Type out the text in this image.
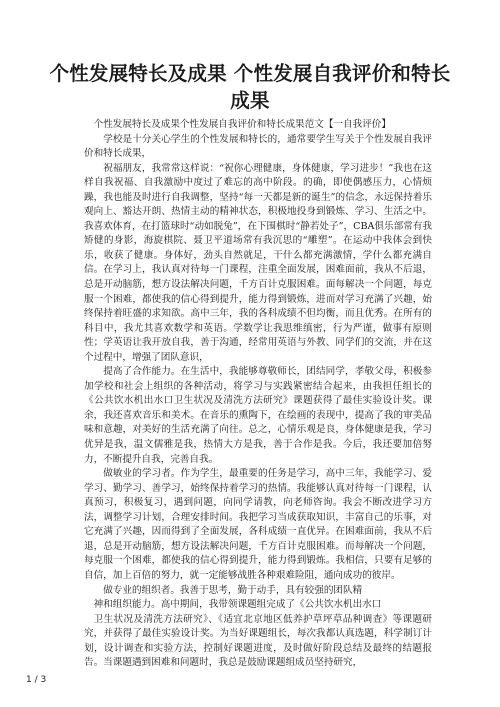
个性发展特长及成果 个性发展自我评价和特长成果

个性发展特长及成果个性发展自我评价和特长成果范文【一自我评价】

学校是十分关心学生的个性发展和特长的，通常要学生写关于个性发展自我评价和特长成果，

祝福朋友，我常常这样说：“祝你心理健康，身体健康，学习进步！”我也在这样自我祝福、自我激励中度过了难忘的高中阶段。的确，即使偶感压力，心情烦躁，我也能及时进行自我调整，坚持“每一天都是新的诞生”的信念，永远保持着乐观向上、豁达开朗、热情主动的精神状态，积极地投身到锻炼、学习、生活之中。我喜欢体育，在打篮球时“动如脱兔”，在下围棋时“静若处子”，CBA俱乐部常有我矫健的身影，海旋棋院、聂卫平道场常有我沉思的“雕塑”。在运动中我体会到快乐，收获了健康。身体好，劲头自然就足，干什么都充满激情，学什么都充满自信。在学习上，我认真对待每一门课程，注重全面发展，困难面前，我从不后退，总是开动脑筋，想方设法解决问题，千方百计克服困难。面每解决一个问题，每克服一个困难，都使我的信心得到提升，能力得到锻炼，进而对学习充满了兴趣，始终保持着旺盛的求知欲。高中三年，我的各科成绩不但均衡，而且优秀。在所有的科目中，我尤其喜欢数学和英语。学数学让我思维缜密，行为严谨，做事有原则性；学英语让我开放自我，善于沟通，经常用英语与外教、同学们的交流，并在这个过程中，增强了团队意识，

提高了合作能力。在生活中，我能够尊敬师长，团结同学，孝敬父母，积极参加学校和社会上组织的各种活动，将学习与实践紧密结合起来，由我担任组长的《公共饮水机出水口卫生状况及清洗方法研究》课题获得了最佳实验设计奖。课余，我还喜欢音乐和美术。在音乐的熏陶下，在绘画的表现中，提高了我的审美品味和意趣，对美好的生活充满了向往。总之，心情乐观是良，身体健康是我，学习优异是我，温文儒雅是我，热情大方是我，善于合作是我。今后，我还要加倍努力，不断提升自我，完善自我。

做敏业的学习者。作为学生，最重要的任务是学习，高中三年，我能学习、爱学习、勤学习、善学习，始终保持着学习的热情。我能够认真对待每一门课程，认真预习，积极复习，遇到问题，向同学请教，向老师咨询。我会不断改进学习方法，调整学习计划，合理安排时间。我把学习当成获取知识，丰富自己的乐事，对它充满了兴趣，因而得到了全面发展，各科成绩一直优异。在困难面前，我从不后退，总是开动脑筋，想方设法解决问题，千方百计克服困难。而每解决一个问题，每克服一个困难，都使我的信心得到提升，能力得到锻炼。我相信，只要有足够的自信，加上百倍的努力，就一定能够战胜各种艰难险阻，通向成功的彼岸。

做专业的组织者。我善于思考，勤于动手，具有较强的团队精

神和组织能力。高中期间，我带领课题组完成了《公共饮水机出水口

卫生状况及清洗方法研究》、《适宜北京地区低养护草坪草品种调查》等课题研究，并获得了最佳实验设计奖。为当好课题组长，每次我都认真选题，科学制订计划，设计调查和实验方法，控制好课题进度，及时做好阶段总结及最终的结题报告。当课题遇到困难和问题时，我总是鼓励课题组成员坚持研究，

1 / 3
